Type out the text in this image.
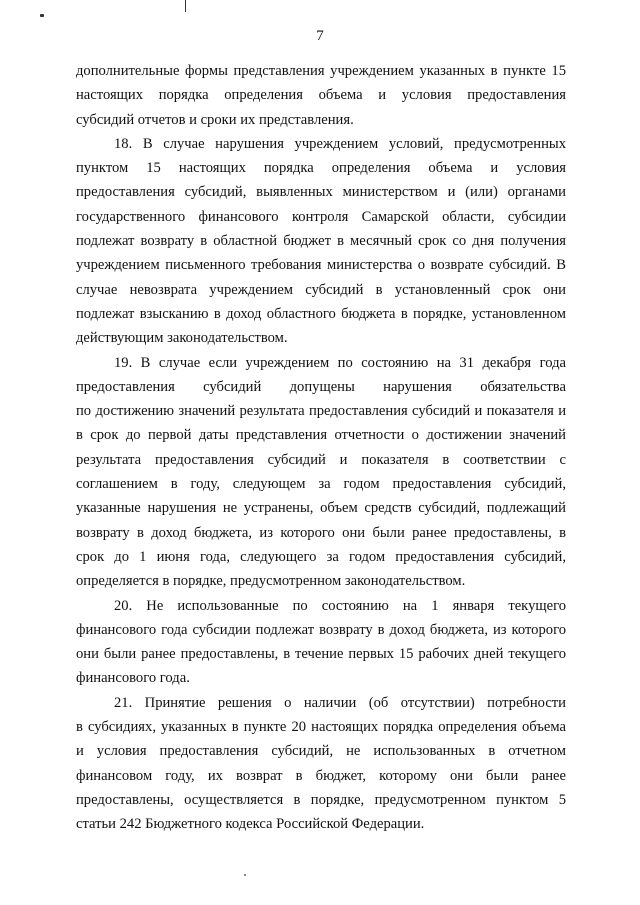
7
дополнительные формы представления учреждением указанных в пункте 15
настоящих порядка определения объема и условия предоставления
субсидий отчетов и сроки их представления.
18. В случае нарушения учреждением условий, предусмотренных
пунктом 15 настоящих порядка определения объема и условия
предоставления субсидий, выявленных министерством и (или) органами
государственного финансового контроля Самарской области, субсидии
подлежат возврату в областной бюджет в месячный срок со дня получения
учреждением письменного требования министерства о возврате субсидий. В
случае невозврата учреждением субсидий в установленный срок они
подлежат взысканию в доход областного бюджета в порядке, установленном
действующим законодательством.
19. В случае если учреждением по состоянию на 31 декабря года
предоставления субсидий допущены нарушения обязательства
по достижению значений результата предоставления субсидий и показателя и
в срок до первой даты представления отчетности о достижении значений
результата предоставления субсидий и показателя в соответствии с
соглашением в году, следующем за годом предоставления субсидий,
указанные нарушения не устранены, объем средств субсидий, подлежащий
возврату в доход бюджета, из которого они были ранее предоставлены, в
срок до 1 июня года, следующего за годом предоставления субсидий,
определяется в порядке, предусмотренном законодательством.
20. Не использованные по состоянию на 1 января текущего
финансового года субсидии подлежат возврату в доход бюджета, из которого
они были ранее предоставлены, в течение первых 15 рабочих дней текущего
финансового года.
21. Принятие решения о наличии (об отсутствии) потребности
в субсидиях, указанных в пункте 20 настоящих порядка определения объема
и условия предоставления субсидий, не использованных в отчетном
финансовом году, их возврат в бюджет, которому они были ранее
предоставлены, осуществляется в порядке, предусмотренном пунктом 5
статьи 242 Бюджетного кодекса Российской Федерации.
